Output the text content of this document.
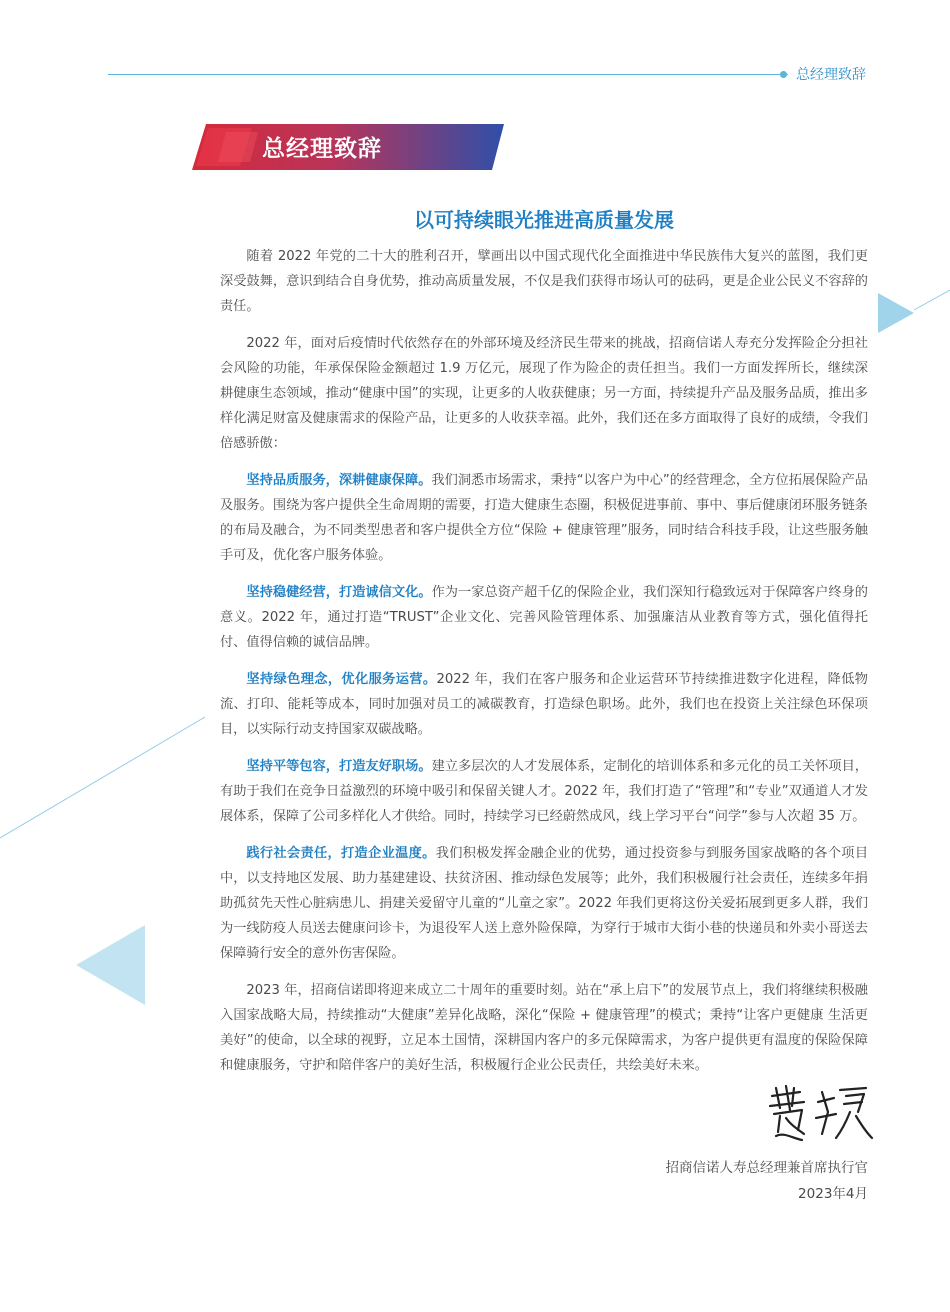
总经理致辞
总经理致辞
以可持续眼光推进高质量发展

随着 2022 年党的二十大的胜利召开，擘画出以中国式现代化全面推进中华民族伟大复兴的蓝图，我们更深受鼓舞，意识到结合自身优势，推动高质量发展，不仅是我们获得市场认可的砝码，更是企业公民义不容辞的责任。

2022 年，面对后疫情时代依然存在的外部环境及经济民生带来的挑战，招商信诺人寿充分发挥险企分担社会风险的功能，年承保保险金额超过 1.9 万亿元，展现了作为险企的责任担当。我们一方面发挥所长，继续深耕健康生态领域，推动“健康中国”的实现，让更多的人收获健康；另一方面，持续提升产品及服务品质，推出多样化满足财富及健康需求的保险产品，让更多的人收获幸福。此外，我们还在多方面取得了良好的成绩，令我们倍感骄傲：

坚持品质服务，深耕健康保障。我们洞悉市场需求，秉持“以客户为中心”的经营理念，全方位拓展保险产品及服务。围绕为客户提供全生命周期的需要，打造大健康生态圈，积极促进事前、事中、事后健康闭环服务链条的布局及融合，为不同类型患者和客户提供全方位“保险 + 健康管理”服务，同时结合科技手段，让这些服务触手可及，优化客户服务体验。

坚持稳健经营，打造诚信文化。作为一家总资产超千亿的保险企业，我们深知行稳致远对于保障客户终身的意义。2022 年，通过打造“TRUST”企业文化、完善风险管理体系、加强廉洁从业教育等方式，强化值得托付、值得信赖的诚信品牌。

坚持绿色理念，优化服务运营。2022 年，我们在客户服务和企业运营环节持续推进数字化进程，降低物流、打印、能耗等成本，同时加强对员工的减碳教育，打造绿色职场。此外，我们也在投资上关注绿色环保项目，以实际行动支持国家双碳战略。

坚持平等包容，打造友好职场。建立多层次的人才发展体系，定制化的培训体系和多元化的员工关怀项目，有助于我们在竞争日益激烈的环境中吸引和保留关键人才。2022 年，我们打造了“管理”和“专业”双通道人才发展体系，保障了公司多样化人才供给。同时，持续学习已经蔚然成风，线上学习平台“问学”参与人次超 35 万。

践行社会责任，打造企业温度。我们积极发挥金融企业的优势，通过投资参与到服务国家战略的各个项目中，以支持地区发展、助力基建建设、扶贫济困、推动绿色发展等；此外，我们积极履行社会责任，连续多年捐助孤贫先天性心脏病患儿、捐建关爱留守儿童的“儿童之家”。2022 年我们更将这份关爱拓展到更多人群，我们为一线防疫人员送去健康问诊卡，为退役军人送上意外险保障，为穿行于城市大街小巷的快递员和外卖小哥送去保障骑行安全的意外伤害保险。

2023 年，招商信诺即将迎来成立二十周年的重要时刻。站在“承上启下”的发展节点上，我们将继续积极融入国家战略大局，持续推动“大健康”差异化战略，深化“保险 + 健康管理”的模式；秉持“让客户更健康 生活更美好”的使命，以全球的视野，立足本土国情，深耕国内客户的多元保障需求，为客户提供更有温度的保险保障和健康服务，守护和陪伴客户的美好生活，积极履行企业公民责任，共绘美好未来。

招商信诺人寿总经理兼首席执行官
2023年4月
